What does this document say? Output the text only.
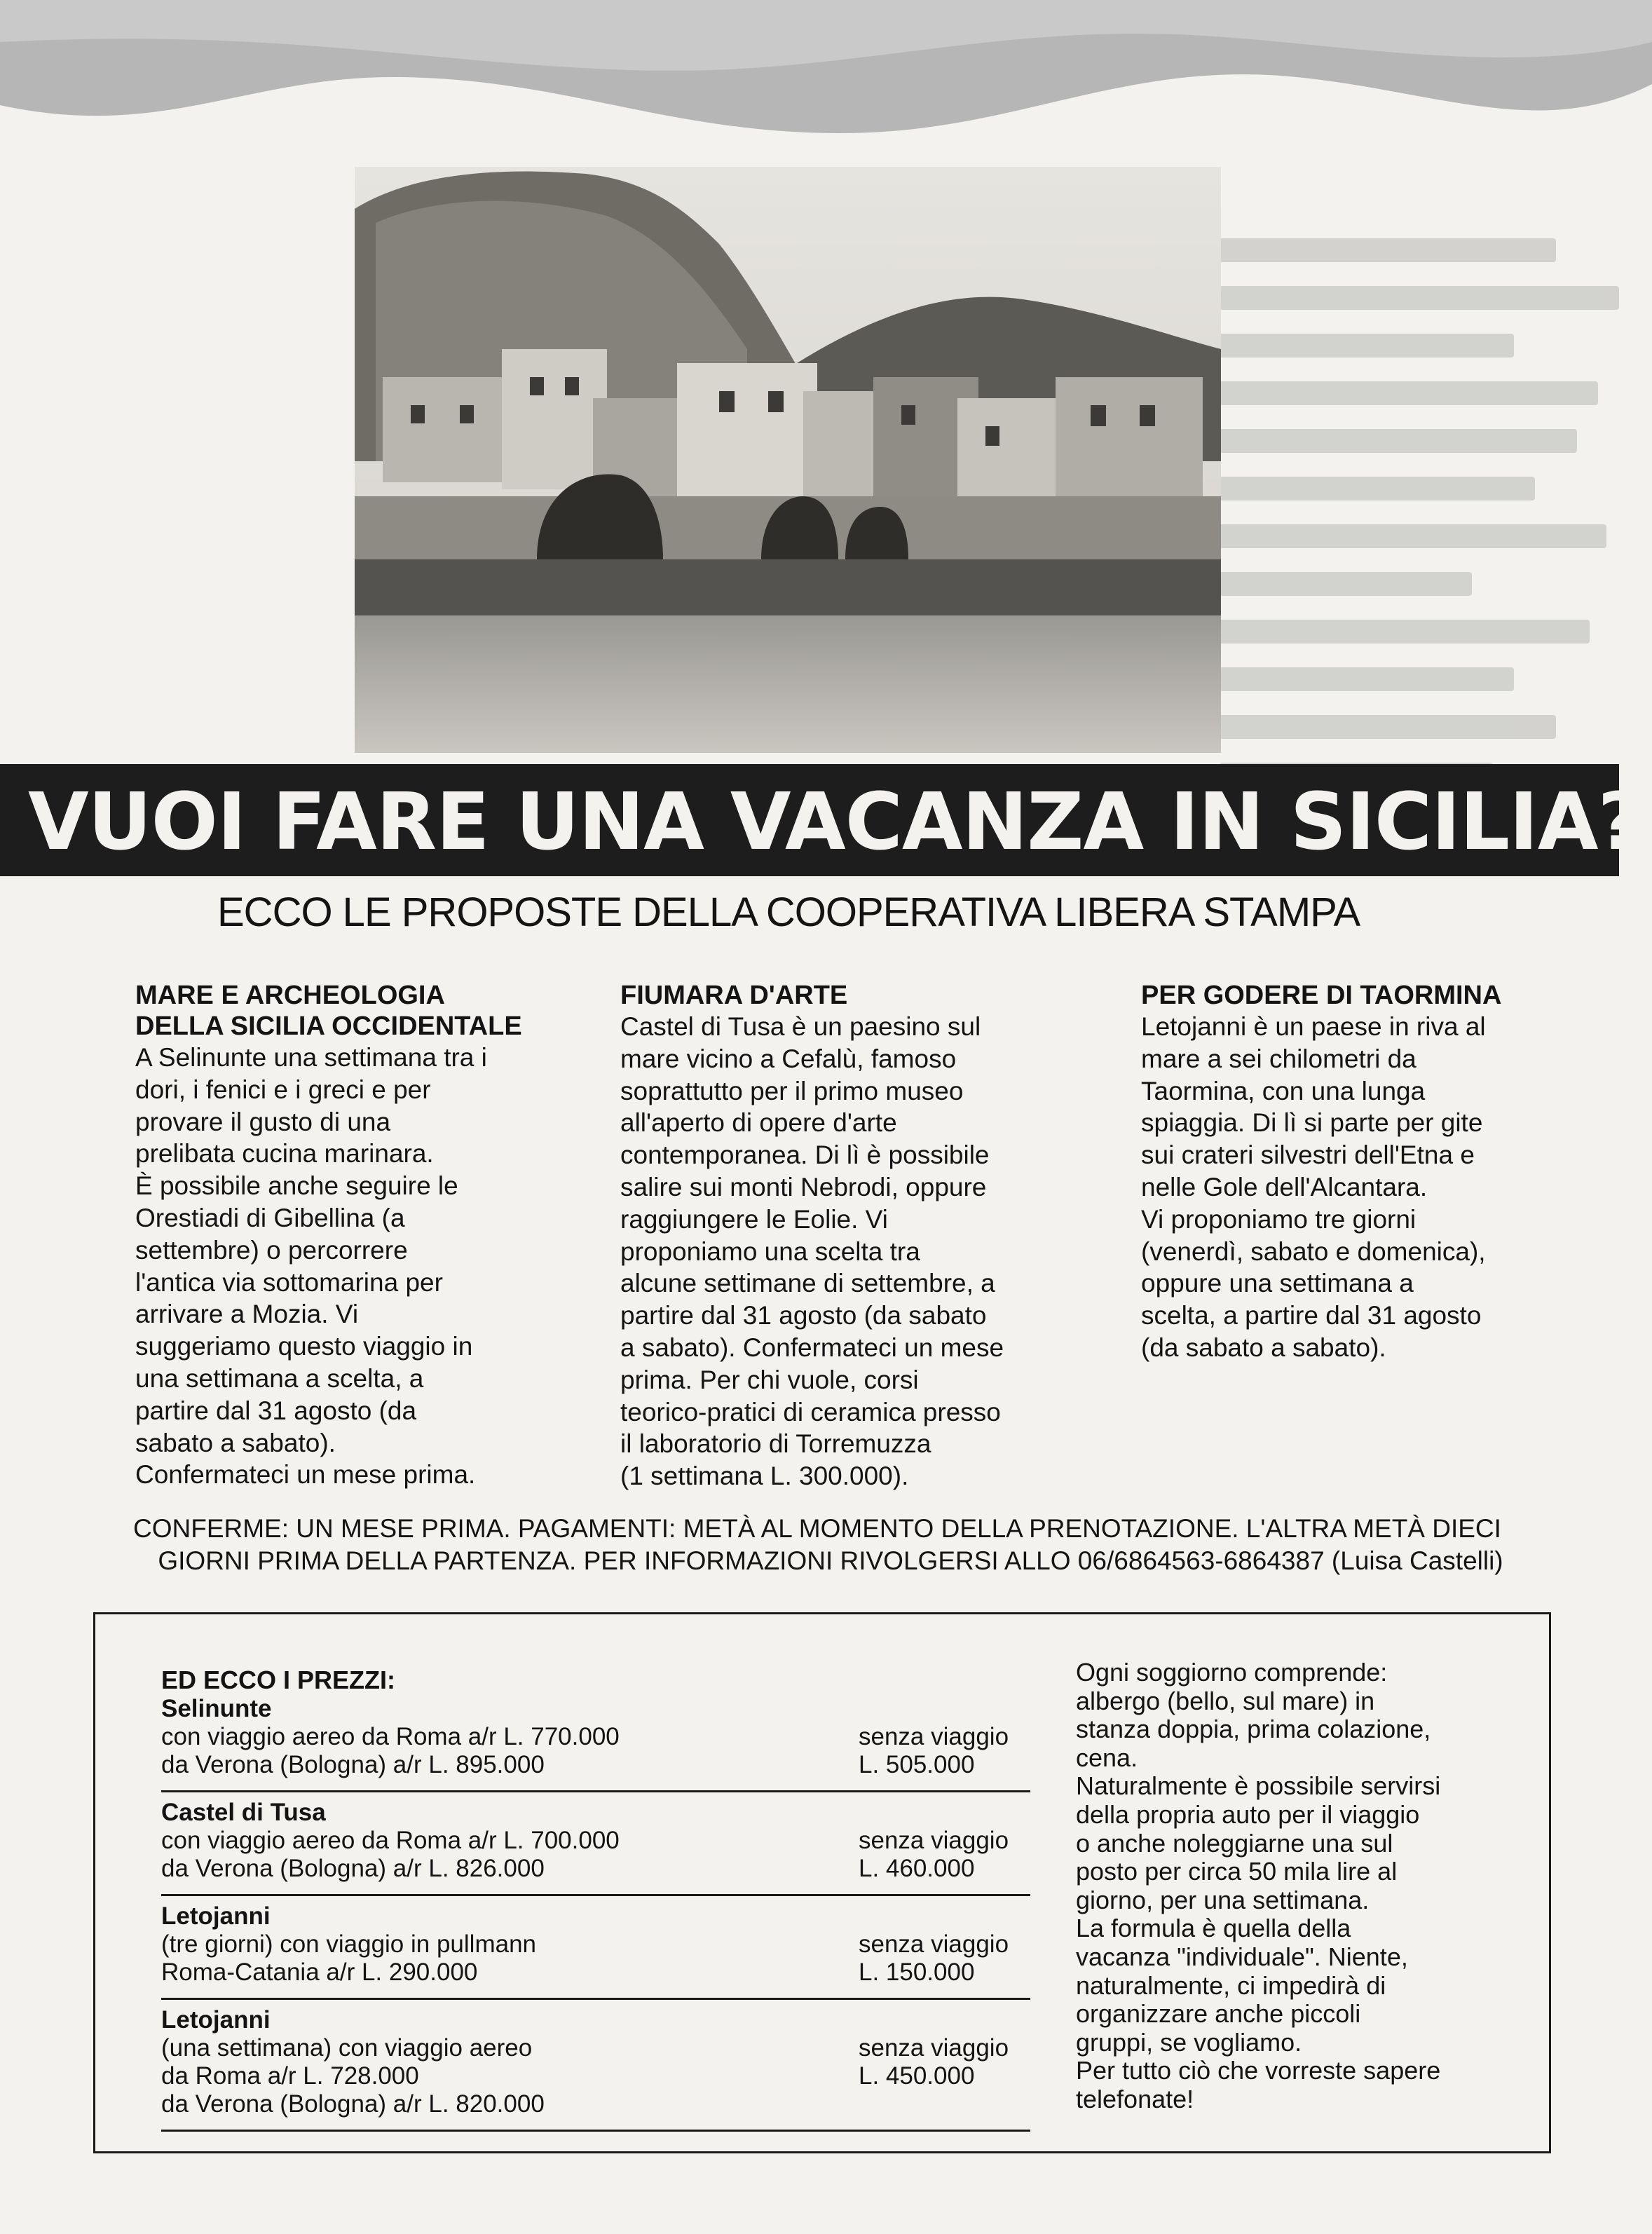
VUOI FARE UNA VACANZA IN SICILIA?
ECCO LE PROPOSTE DELLA COOPERATIVA LIBERA STAMPA
MARE E ARCHEOLOGIA
DELLA SICILIA OCCIDENTALE

A Selinunte una settimana tra i

dori, i fenici e i greci e per

provare il gusto di una

prelibata cucina marinara.

È possibile anche seguire le

Orestiadi di Gibellina (a

settembre) o percorrere

l'antica via sottomarina per

arrivare a Mozia. Vi

suggeriamo questo viaggio in

una settimana a scelta, a

partire dal 31 agosto (da

sabato a sabato).

Confermateci un mese prima.

FIUMARA D'ARTE

Castel di Tusa è un paesino sul

mare vicino a Cefalù, famoso

soprattutto per il primo museo

all'aperto di opere d'arte

contemporanea. Di lì è possibile

salire sui monti Nebrodi, oppure

raggiungere le Eolie. Vi

proponiamo una scelta tra

alcune settimane di settembre, a

partire dal 31 agosto (da sabato

a sabato). Confermateci un mese

prima. Per chi vuole, corsi

teorico-pratici di ceramica presso

il laboratorio di Torremuzza

(1 settimana L. 300.000).

PER GODERE DI TAORMINA

Letojanni è un paese in riva al

mare a sei chilometri da

Taormina, con una lunga

spiaggia. Di lì si parte per gite

sui crateri silvestri dell'Etna e

nelle Gole dell'Alcantara.

Vi proponiamo tre giorni

(venerdì, sabato e domenica),

oppure una settimana a

scelta, a partire dal 31 agosto

(da sabato a sabato).

CONFERME: UN MESE PRIMA. PAGAMENTI: METÀ AL MOMENTO DELLA PRENOTAZIONE. L'ALTRA METÀ DIECI
GIORNI PRIMA DELLA PARTENZA. PER INFORMAZIONI RIVOLGERSI ALLO 06/6864563-6864387 (Luisa Castelli)
ED ECCO I PREZZI:
Selinunte
con viaggio aereo da Roma a/r L. 770.000
da Verona (Bologna) a/r L. 895.000
senza viaggio
L. 505.000
Castel di Tusa
con viaggio aereo da Roma a/r L. 700.000
da Verona (Bologna) a/r L. 826.000
senza viaggio
L. 460.000
Letojanni
(tre giorni) con viaggio in pullmann
Roma-Catania a/r L. 290.000
senza viaggio
L. 150.000
Letojanni
(una settimana) con viaggio aereo
da Roma a/r L. 728.000
da Verona (Bologna) a/r L. 820.000
senza viaggio
L. 450.000
Ogni soggiorno comprende:
albergo (bello, sul mare) in
stanza doppia, prima colazione,
cena.
Naturalmente è possibile servirsi
della propria auto per il viaggio
o anche noleggiarne una sul
posto per circa 50 mila lire al
giorno, per una settimana.
La formula è quella della
vacanza "individuale". Niente,
naturalmente, ci impedirà di
organizzare anche piccoli
gruppi, se vogliamo.
Per tutto ciò che vorreste sapere
telefonate!
